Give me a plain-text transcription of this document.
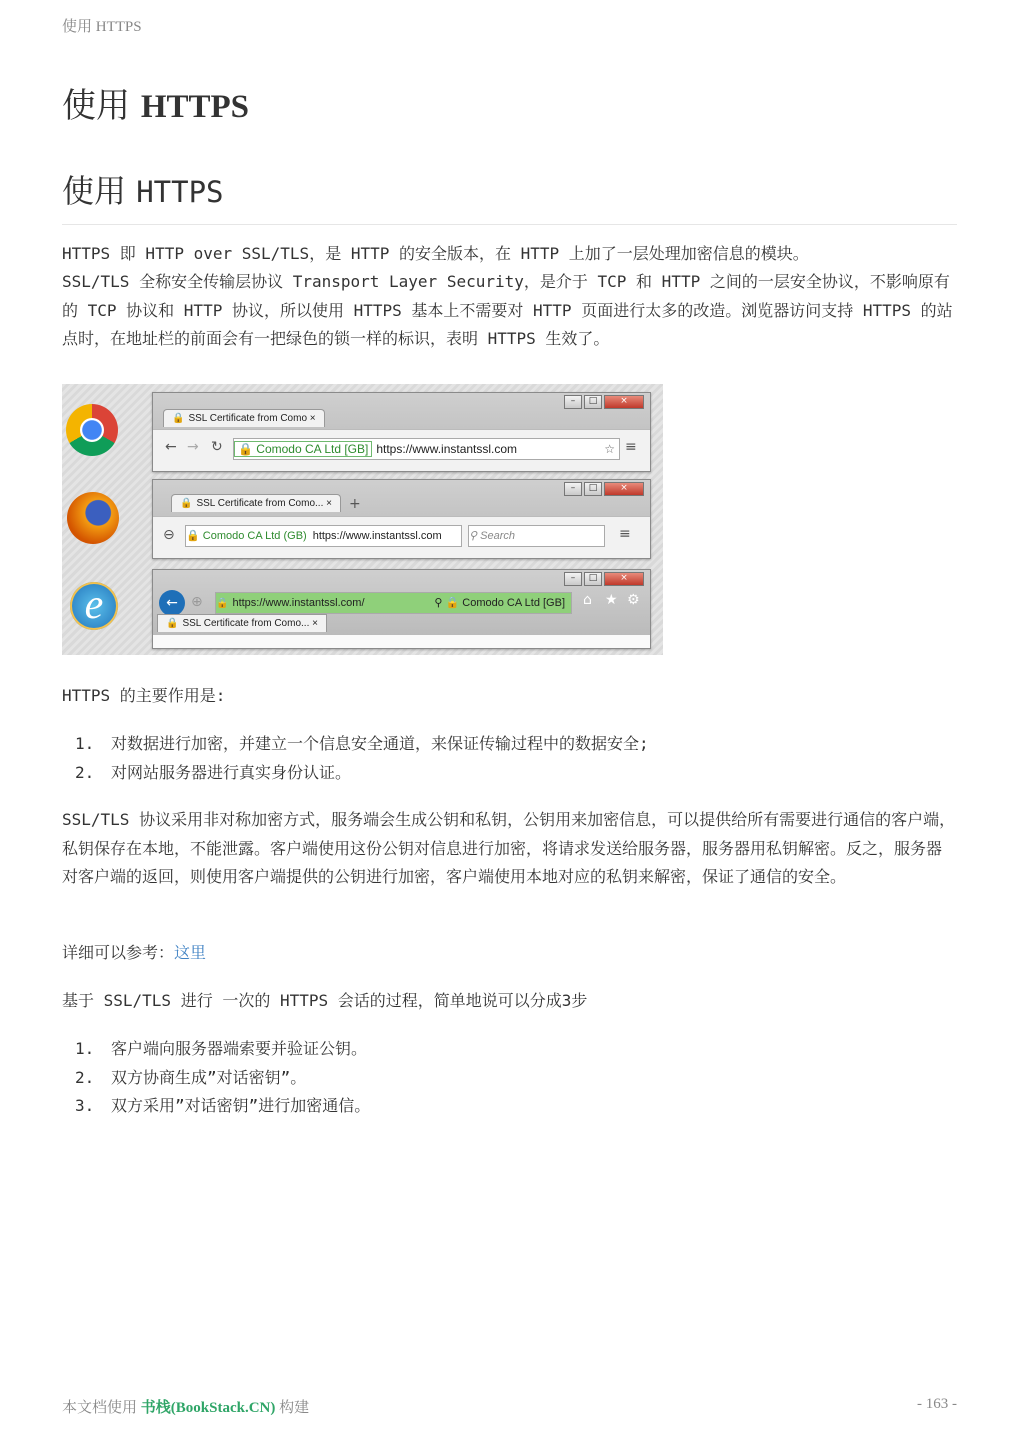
使用 HTTPS
使用 HTTPS
使用 HTTPS

HTTPS 即 HTTP over SSL/TLS，是 HTTP 的安全版本，在 HTTP 上加了一层处理加密信息的模块。

SSL/TLS 全称安全传输层协议 Transport Layer Security，是介于 TCP 和 HTTP 之间的一层安全协议，不影响原有的 TCP 协议和 HTTP 协议，所以使用 HTTPS 基本上不需要对 HTTP 页面进行太多的改造。浏览器访问支持 HTTPS 的站点时，在地址栏的前面会有一把绿色的锁一样的标识，表明 HTTPS 生效了。

–	□	×
🔒 SSL Certificate from Como ×
← → ↻	🔒 Comodo CA Ltd [GB] https://www.instantssl.com	☆ ≡
–	□	×
🔒 SSL Certificate from Como... ×	+
⊖ 🔒 Comodo CA Ltd (GB) https://www.instantssl.com	⚲ Search	≡
e
–	□	×
← ⊕ 🔒 https://www.instantssl.com/	⚲ 🔒 Comodo CA Ltd [GB] ⌂ ★ ⚙
🔒 SSL Certificate from Como... ×

HTTPS 的主要作用是:

1. 对数据进行加密，并建立一个信息安全通道，来保证传输过程中的数据安全;
2. 对网站服务器进行真实身份认证。

SSL/TLS 协议采用非对称加密方式，服务端会生成公钥和私钥，公钥用来加密信息，可以提供给所有需要进行通信的客户端，私钥保存在本地，不能泄露。客户端使用这份公钥对信息进行加密，将请求发送给服务器，服务器用私钥解密。反之，服务器对客户端的返回，则使用客户端提供的公钥进行加密，客户端使用本地对应的私钥来解密，保证了通信的安全。

详细可以参考：这里

基于 SSL/TLS 进行 一次的 HTTPS 会话的过程，简单地说可以分成3步

1. 客户端向服务器端索要并验证公钥。
2. 双方协商生成”对话密钥”。
3. 双方采用”对话密钥”进行加密通信。
本文档使用 书栈(BookStack.CN) 构建	- 163 -
